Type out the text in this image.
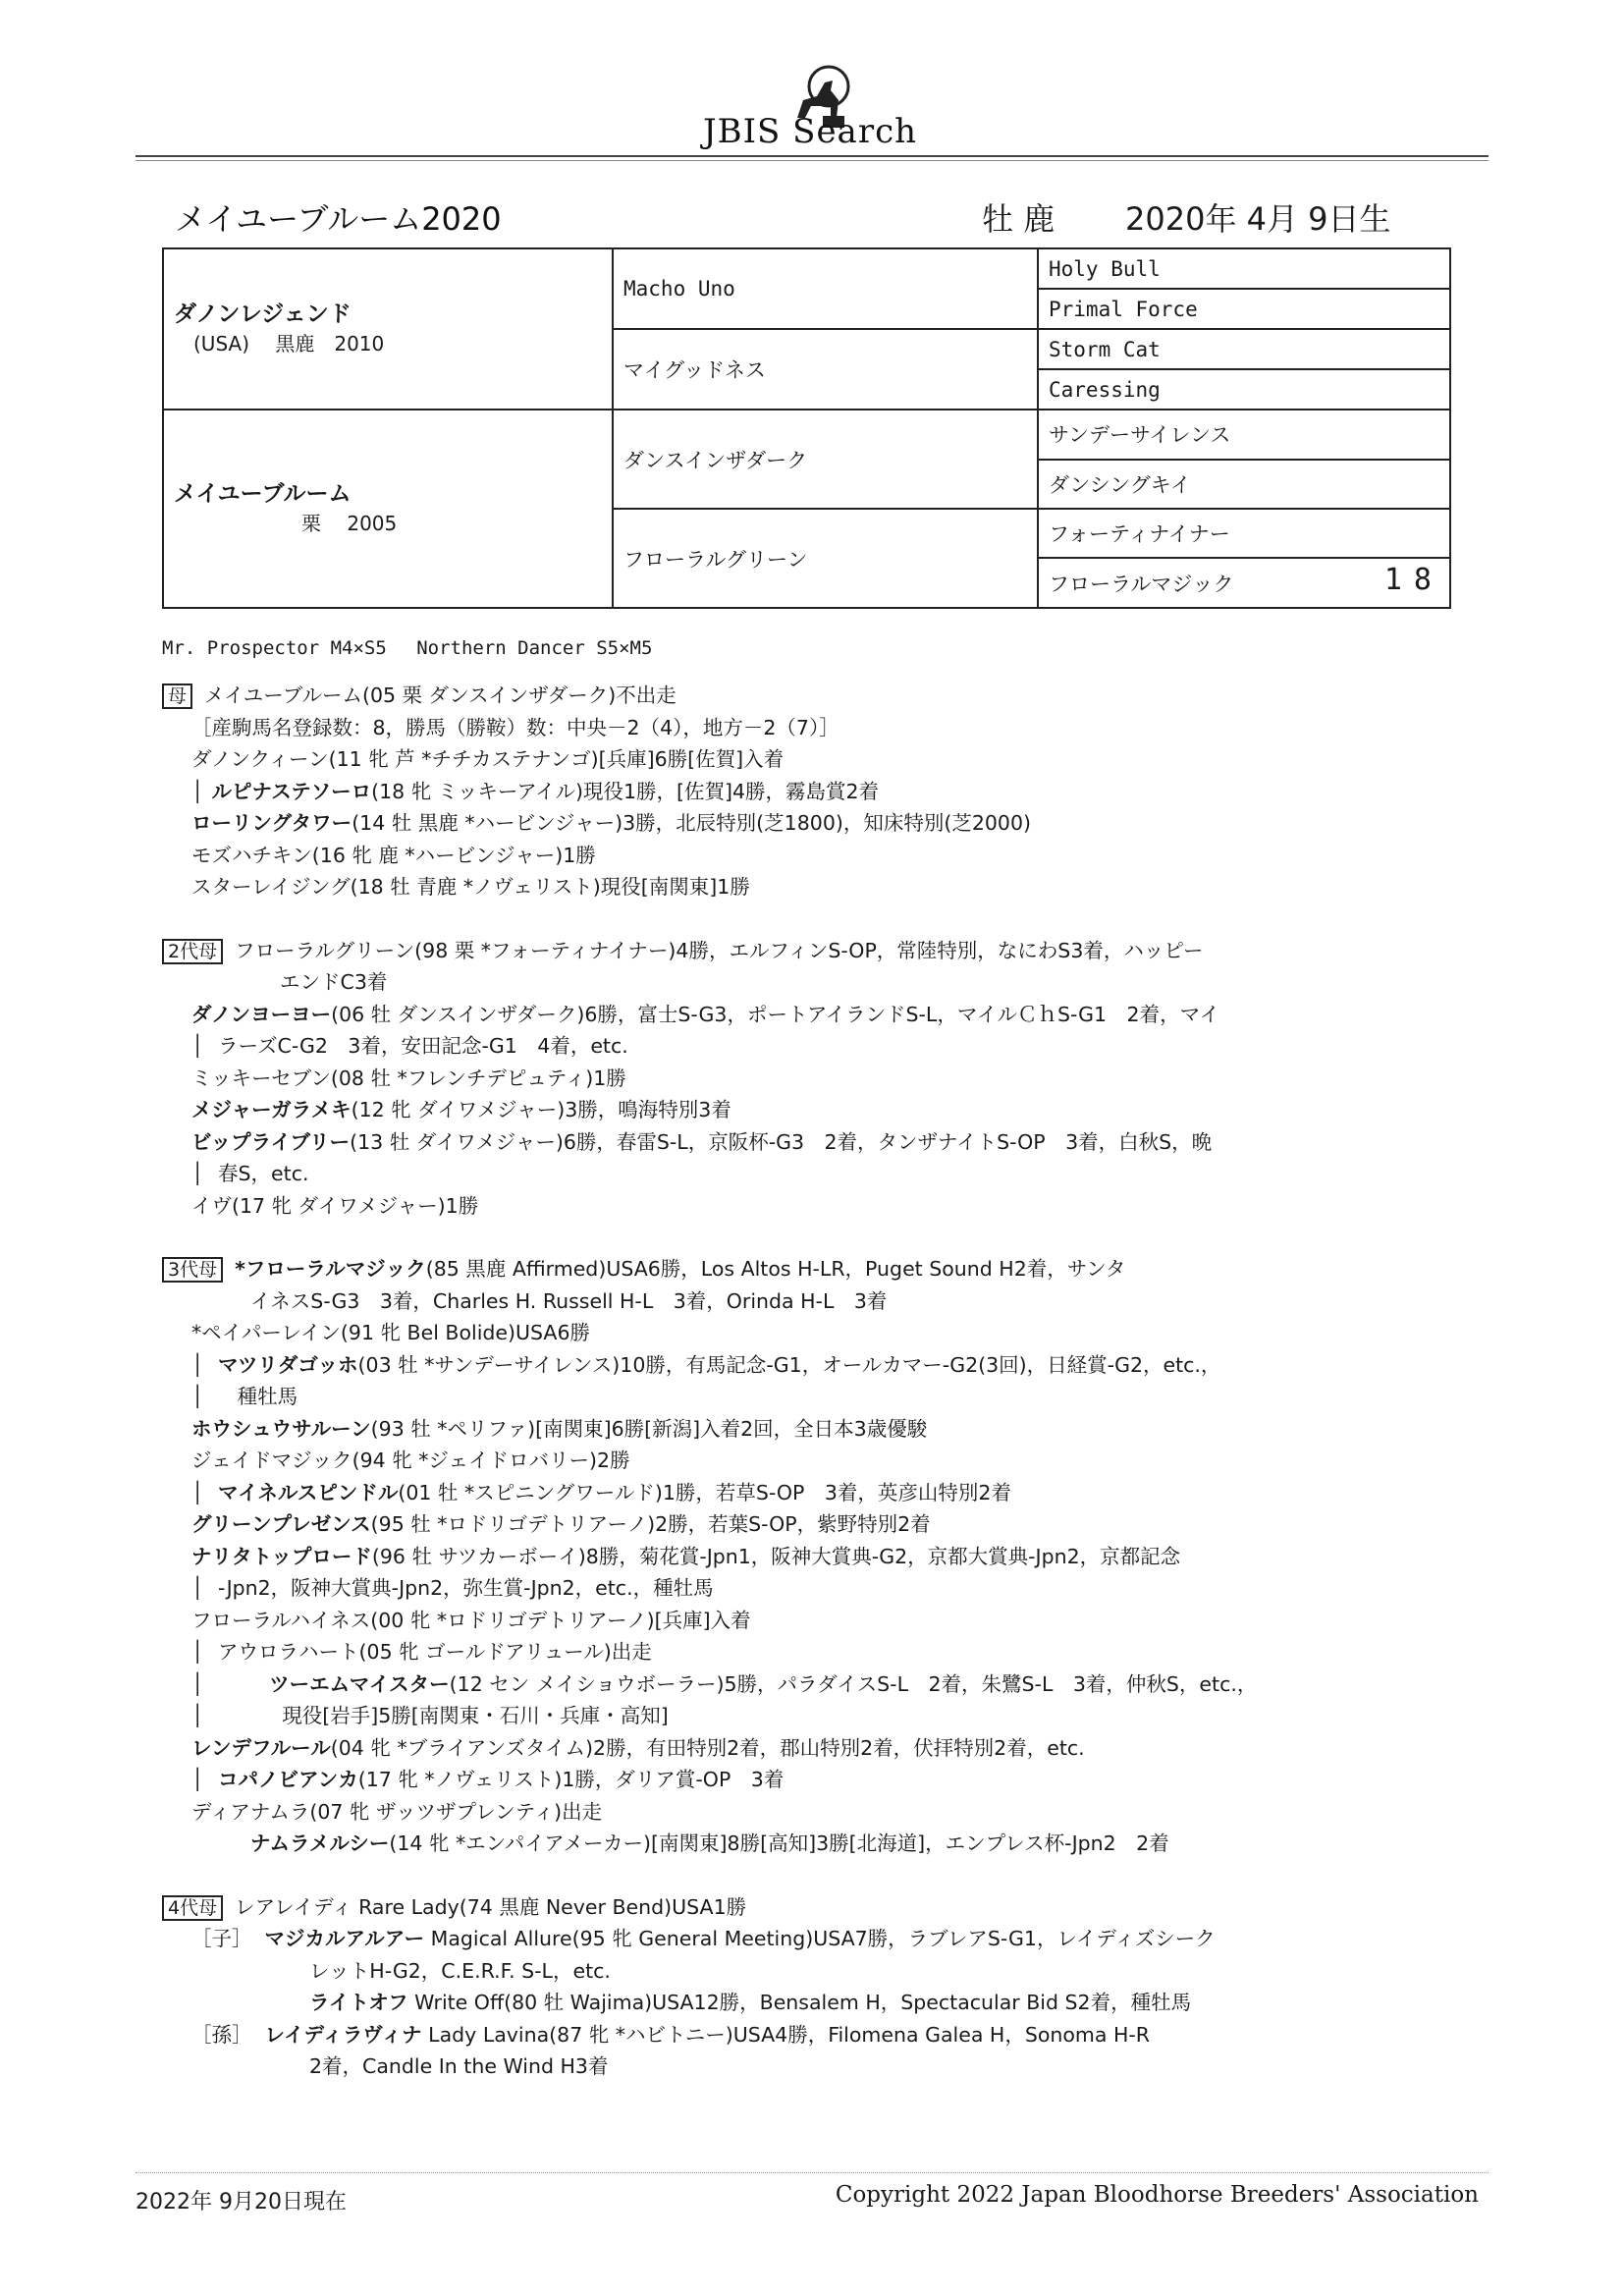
JBIS Search
メイユーブルーム2020	牡 鹿 2020年 4月 9日生
ダノンレジェンド
(USA)　 黒鹿　2010	Macho Uno	Holy Bull
		Primal Force
	マイグッドネス	Storm Cat
		Caressing

メイユーブルーム
栗　 2005	ダンスインザダーク	サンデーサイレンス
		ダンシングキイ
	フローラルグリーン	フォーティナイナー
		フローラルマジック 18
Mr. Prospector M4×S5　 Northern Dancer S5×M5

母 メイユーブルーム(05 栗 ダンスインザダーク)不出走

［産駒馬名登録数：8，勝馬（勝鞍）数：中央－2（4），地方－2（7）］

ダノンクィーン(11 牝 芦 *チチカステナンゴ)[兵庫]6勝[佐賀]入着

│ ルピナステソーロ(18 牝 ミッキーアイル)現役1勝，[佐賀]4勝，霧島賞2着

ローリングタワー(14 牡 黒鹿 *ハービンジャー)3勝，北辰特別(芝1800)，知床特別(芝2000)

モズハチキン(16 牝 鹿 *ハービンジャー)1勝

スターレイジング(18 牡 青鹿 *ノヴェリスト)現役[南関東]1勝

2代母 フローラルグリーン(98 栗 *フォーティナイナー)4勝，エルフィンS-OP，常陸特別，なにわS3着，ハッピー

エンドC3着

ダノンヨーヨー(06 牡 ダンスインザダーク)6勝，富士S-G3，ポートアイランドS-L，マイルＣｈS-G1　2着，マイ

│ ラーズC-G2　3着，安田記念-G1　4着，etc.

ミッキーセブン(08 牡 *フレンチデピュティ)1勝

メジャーガラメキ(12 牝 ダイワメジャー)3勝，鳴海特別3着

ビップライブリー(13 牡 ダイワメジャー)6勝，春雷S-L，京阪杯-G3　2着，タンザナイトS-OP　3着，白秋S，晩

│ 春S，etc.

イヴ(17 牝 ダイワメジャー)1勝

3代母 *フローラルマジック(85 黒鹿 Affirmed)USA6勝，Los Altos H-LR，Puget Sound H2着，サンタ

イネスS-G3　3着，Charles H. Russell H-L　3着，Orinda H-L　3着

*ペイパーレイン(91 牝 Bel Bolide)USA6勝

│ マツリダゴッホ(03 牡 *サンデーサイレンス)10勝，有馬記念-G1，オールカマー-G2(3回)，日経賞-G2，etc.，

│ 種牡馬

ホウシュウサルーン(93 牡 *ペリファ)[南関東]6勝[新潟]入着2回，全日本3歳優駿

ジェイドマジック(94 牝 *ジェイドロバリー)2勝

│ マイネルスピンドル(01 牡 *スピニングワールド)1勝，若草S-OP　3着，英彦山特別2着

グリーンプレゼンス(95 牡 *ロドリゴデトリアーノ)2勝，若葉S-OP，紫野特別2着

ナリタトップロード(96 牡 サツカーボーイ)8勝，菊花賞-Jpn1，阪神大賞典-G2，京都大賞典-Jpn2，京都記念

│ -Jpn2，阪神大賞典-Jpn2，弥生賞-Jpn2，etc.，種牡馬

フローラルハイネス(00 牝 *ロドリゴデトリアーノ)[兵庫]入着

│ アウロラハート(05 牝 ゴールドアリュール)出走

│	ツーエムマイスター(12 セン メイショウボーラー)5勝，パラダイスS-L　2着，朱鷺S-L　3着，仲秋S，etc.，

│	現役[岩手]5勝[南関東・石川・兵庫・高知]

レンデフルール(04 牝 *ブライアンズタイム)2勝，有田特別2着，郡山特別2着，伏拝特別2着，etc.

│ コパノビアンカ(17 牝 *ノヴェリスト)1勝，ダリア賞-OP　3着

ディアナムラ(07 牝 ザッツザプレンティ)出走

ナムラメルシー(14 牝 *エンパイアメーカー)[南関東]8勝[高知]3勝[北海道]，エンプレス杯-Jpn2　2着

4代母 レアレイディ Rare Lady(74 黒鹿 Never Bend)USA1勝

［子］ マジカルアルアー Magical Allure(95 牝 General Meeting)USA7勝，ラブレアS-G1，レイディズシーク

レットH-G2，C.E.R.F. S-L，etc.

ライトオフ Write Off(80 牡 Wajima)USA12勝，Bensalem H，Spectacular Bid S2着，種牡馬

［孫］ レイディラヴィナ Lady Lavina(87 牝 *ハビトニー)USA4勝，Filomena Galea H，Sonoma H-R

2着，Candle In the Wind H3着

2022年 9月20日現在	Copyright 2022 Japan Bloodhorse Breeders' Association
